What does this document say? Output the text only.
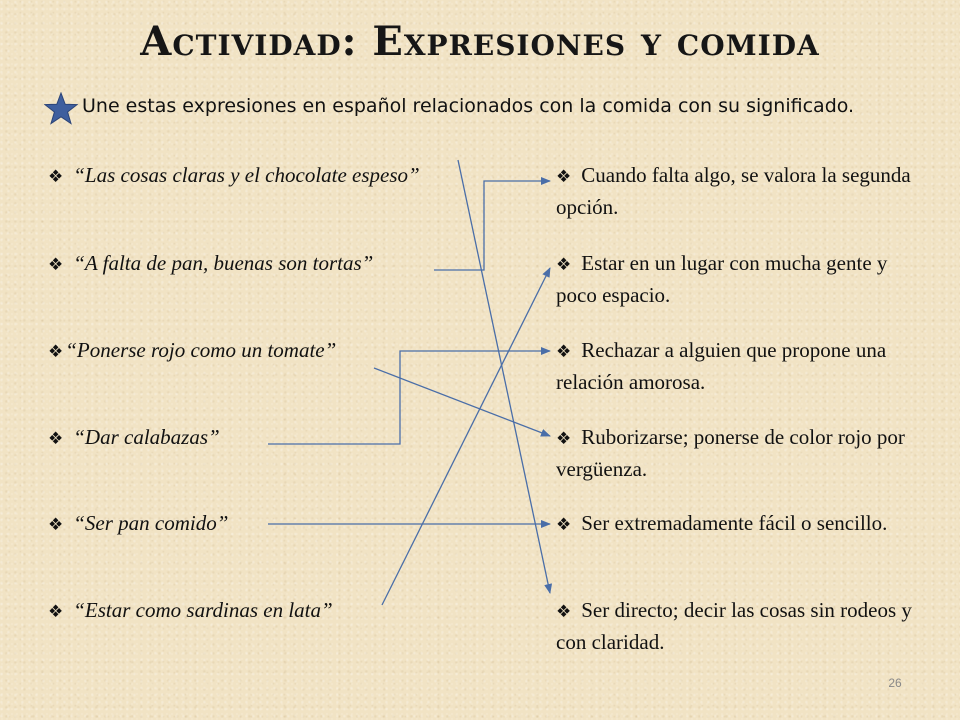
Actividad: Expresiones y comida
Une estas expresiones en español relacionados con la comida con su significado.
❖ “Las cosas claras y el chocolate espeso”
❖ “A falta de pan, buenas son tortas”
❖“Ponerse rojo como un tomate”
❖ “Dar calabazas”
❖ “Ser pan comido”
❖ “Estar como sardinas en lata”
❖ Cuando falta algo, se valora la segunda opción.
❖ Estar en un lugar con mucha gente y poco espacio.
❖ Rechazar a alguien que propone una relación amorosa.
❖ Ruborizarse; ponerse de color rojo por vergüenza.
❖ Ser extremadamente fácil o sencillo.
❖ Ser directo; decir las cosas sin rodeos y con claridad.
26
